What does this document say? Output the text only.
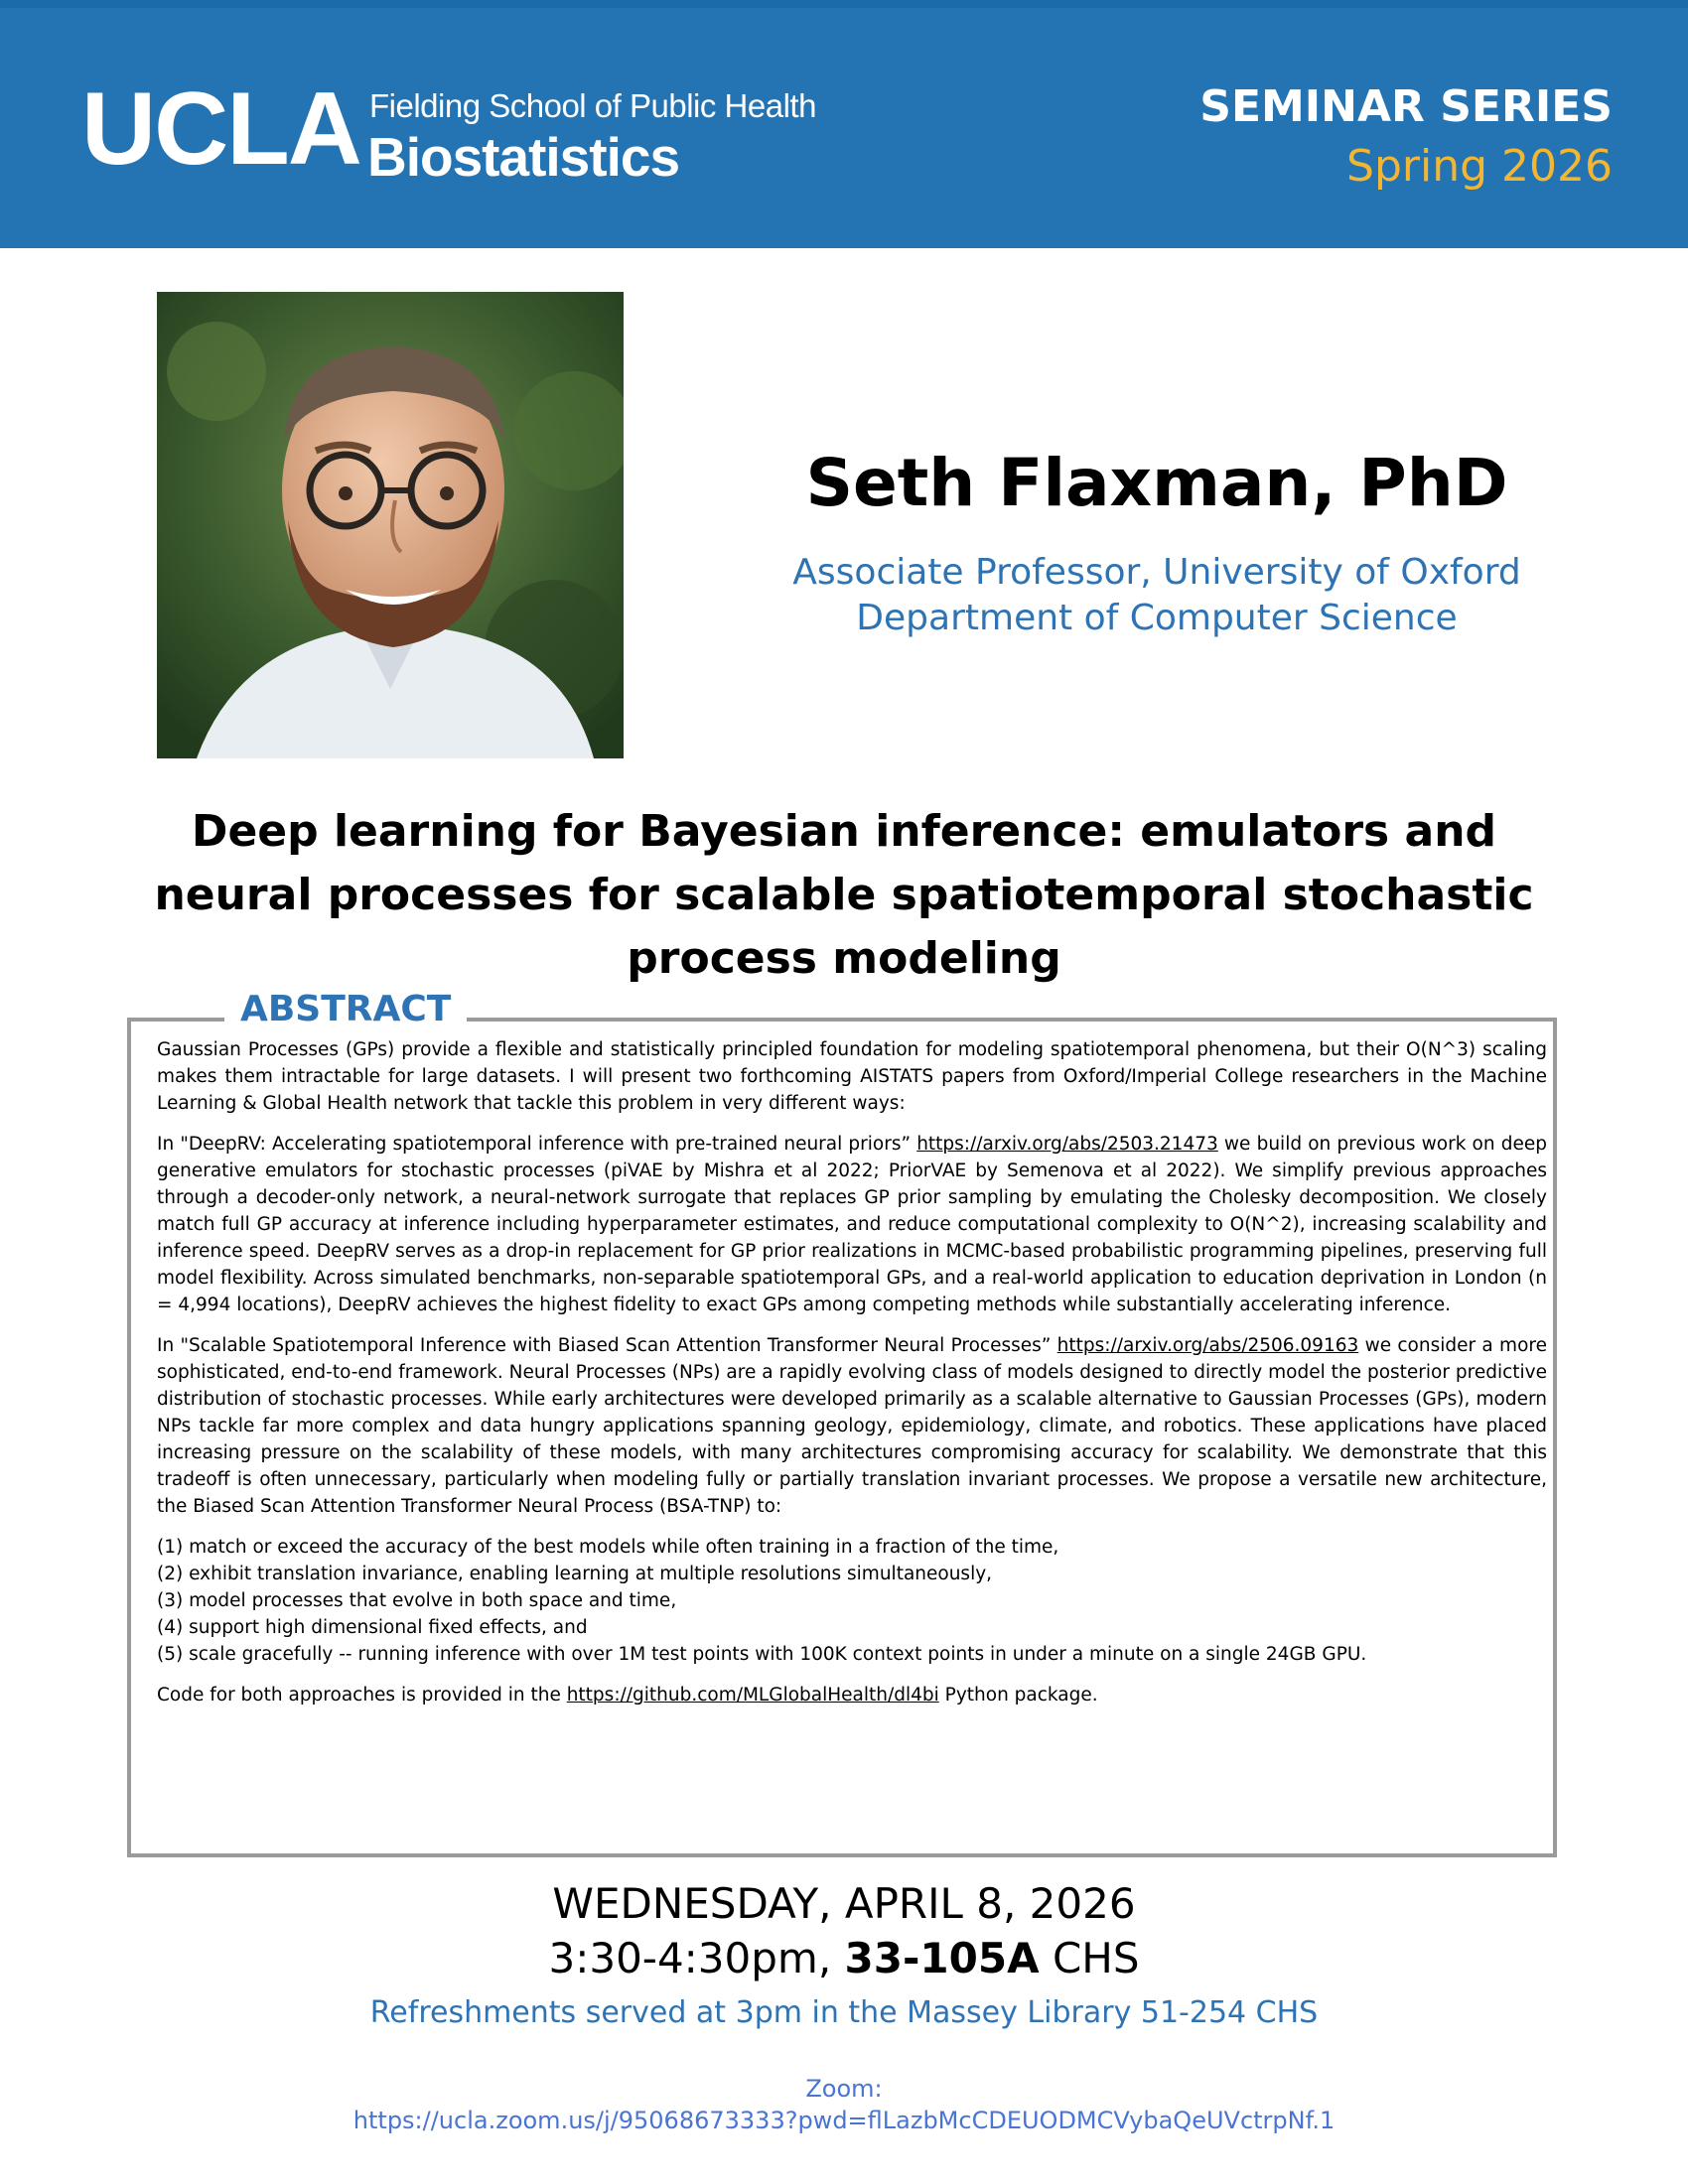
UCLA Fielding School of Public Health
Biostatistics
SEMINAR SERIES
Spring 2026
Seth Flaxman, PhD
Associate Professor, University of Oxford
Department of Computer Science
Deep learning for Bayesian inference: emulators and
neural processes for scalable spatiotemporal stochastic
process modeling
ABSTRACT

Gaussian Processes (GPs) provide a flexible and statistically principled foundation for modeling spatiotemporal phenomena, but their O(N^3) scaling makes them intractable for large datasets. I will present two forthcoming AISTATS papers from Oxford/Imperial College researchers in the Machine Learning & Global Health network that tackle this problem in very different ways:

In "DeepRV: Accelerating spatiotemporal inference with pre-trained neural priors” https://arxiv.org/abs/2503.21473 we build on previous work on deep generative emulators for stochastic processes (piVAE by Mishra et al 2022; PriorVAE by Semenova et al 2022). We simplify previous approaches through a decoder-only network, a neural-network surrogate that replaces GP prior sampling by emulating the Cholesky decomposition. We closely match full GP accuracy at inference including hyperparameter estimates, and reduce computational complexity to O(N^2), increasing scalability and inference speed. DeepRV serves as a drop-in replacement for GP prior realizations in MCMC-based probabilistic programming pipelines, preserving full model flexibility. Across simulated benchmarks, non-separable spatiotemporal GPs, and a real-world application to education deprivation in London (n = 4,994 locations), DeepRV achieves the highest fidelity to exact GPs among competing methods while substantially accelerating inference.

In "Scalable Spatiotemporal Inference with Biased Scan Attention Transformer Neural Processes” https://arxiv.org/abs/2506.09163 we consider a more sophisticated, end-to-end framework. Neural Processes (NPs) are a rapidly evolving class of models designed to directly model the posterior predictive distribution of stochastic processes. While early architectures were developed primarily as a scalable alternative to Gaussian Processes (GPs), modern NPs tackle far more complex and data hungry applications spanning geology, epidemiology, climate, and robotics. These applications have placed increasing pressure on the scalability of these models, with many architectures compromising accuracy for scalability. We demonstrate that this tradeoff is often unnecessary, particularly when modeling fully or partially translation invariant processes. We propose a versatile new architecture, the Biased Scan Attention Transformer Neural Process (BSA-TNP) to:

(1) match or exceed the accuracy of the best models while often training in a fraction of the time,
(2) exhibit translation invariance, enabling learning at multiple resolutions simultaneously,
(3) model processes that evolve in both space and time,
(4) support high dimensional fixed effects, and
(5) scale gracefully -- running inference with over 1M test points with 100K context points in under a minute on a single 24GB GPU.

Code for both approaches is provided in the https://github.com/MLGlobalHealth/dl4bi Python package.

WEDNESDAY, APRIL 8, 2026
3:30-4:30pm, 33-105A CHS
Refreshments served at 3pm in the Massey Library 51-254 CHS
Zoom:
https://ucla.zoom.us/j/95068673333?pwd=flLazbMcCDEUODMCVybaQeUVctrpNf.1
